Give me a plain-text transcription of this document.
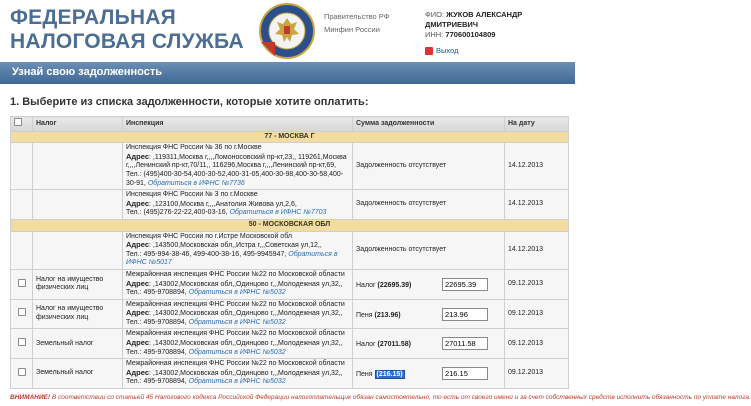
ФЕДЕРАЛЬНАЯ
НАЛОГОВАЯ СЛУЖБА
Правительство РФ
Минфин России
ФИО: ЖУКОВ АЛЕКСАНДР ДМИТРИЕВИЧ
ИНН: 770600104809
Выход
Узнай свою задолженность
1. Выберите из списка задолженности, которые хотите оплатить:
	Налог	Инспекция	Сумма задолженности	На дату
77 - МОСКВА Г				

		Инспекция ФНС России № 36 по г.Москве
Адрес: ,119311,Москва г,,,,Ломоносовский пр-кт,23,, 119261,Москва г,,,,Ленинский пр-кт,70/11,, 116296,Москва г,,,,Ленинский пр-кт,69,
Тел.: (495)400-30-54,400-30-52,400-31-05,400-30-98,400-30-58,400-30-91, Обратиться в ИФНС №7736	Задолженность отсутствует	14.12.2013

		Инспекция ФНС России № 3 по г.Москве
Адрес: ,123100,Москва г,,,,Анатолия Живова ул,2,6,
Тел.: (495)276-22-22,400-03-16, Обратиться в ИФНС №7703	Задолженность отсутствует	14.12.2013
50 - МОСКОВСКАЯ ОБЛ				

		Инспекция ФНС России по г.Истре Московской обл
Адрес: ,143500,Московская обл,,Истра г,,,Советская ул,12,,
Тел.: 495-994-38-46, 499-400-38-16, 495-9945947, Обратиться в ИФНС №5017	Задолженность отсутствует	14.12.2013
	Налог на имущество физических лиц	Межрайонная инспекция ФНС России №22 по Московской области
Адрес: ,143002,Московская обл,,Одинцово г,,,Молодежная ул,32,,
Тел.: 495-9708894, Обратиться в ИФНС №5032	Налог (22695.39) 22695.39	09.12.2013
	Налог на имущество физических лиц	Межрайонная инспекция ФНС России №22 по Московской области
Адрес: ,143002,Московская обл,,Одинцово г,,,Молодежная ул,32,,
Тел.: 495-9708894, Обратиться в ИФНС №5032	Пеня (213.96) 213.96	09.12.2013
	Земельный налог	Межрайонная инспекция ФНС России №22 по Московской области
Адрес: ,143002,Московская обл,,Одинцово г,,,Молодежная ул,32,,
Тел.: 495-9708894, Обратиться в ИФНС №5032	Налог (27011.58) 27011.58	09.12.2013
	Земельный налог	Межрайонная инспекция ФНС России №22 по Московской области
Адрес: ,143002,Московская обл,,Одинцово г,,,Молодежная ул,32,,
Тел.: 495-9708894, Обратиться в ИФНС №5032	Пеня (216.15) 216.15	09.12.2013
ВНИМАНИЕ! В соответствии со статьей 45 Налогового кодекса Российской Федерации налогоплательщик обязан самостоятельно, то есть от своего имени и за счет собственных средств исполнить обязанность по уплате налога.
